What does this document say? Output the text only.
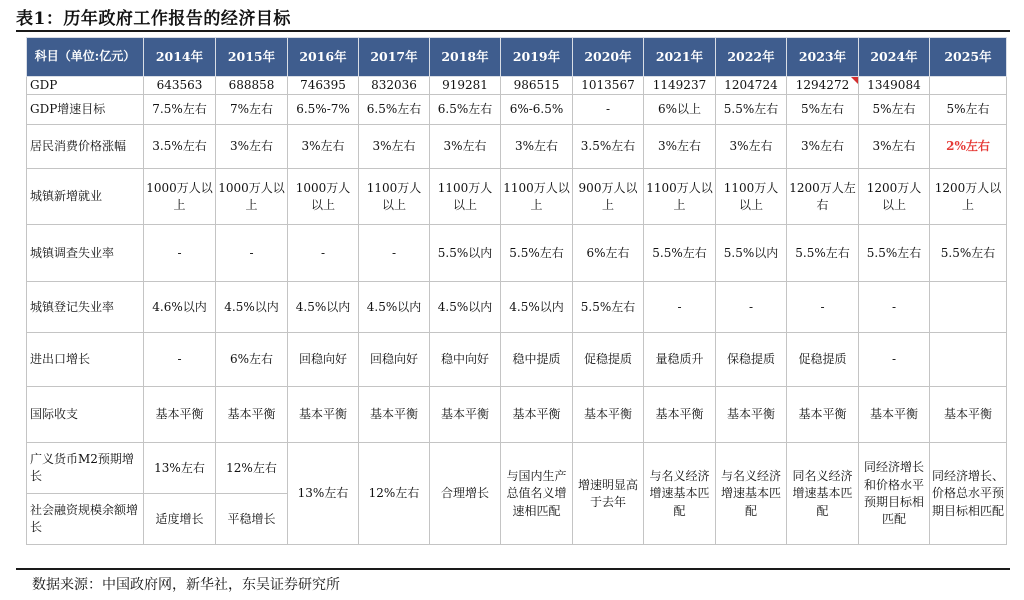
表1：历年政府工作报告的经济目标
科目（单位:亿元）	2014年	2015年	2016年	2017年	2018年	2019年	2020年	2021年	2022年	2023年	2024年	2025年
GDP	643563	688858	746395	832036	919281	986515	1013567	1149237	1204724	1294272	1349084	
GDP增速目标	7.5%左右	7%左右	6.5%-7%	6.5%左右	6.5%左右	6%-6.5%	-	6%以上	5.5%左右	5%左右	5%左右	5%左右
居民消费价格涨幅	3.5%左右	3%左右	3%左右	3%左右	3%左右	3%左右	3.5%左右	3%左右	3%左右	3%左右	3%左右	2%左右
城镇新增就业	1000万人以上	1000万人以上	1000万人以上	1100万人以上	1100万人以上	1100万人以上	900万人以上	1100万人以上	1100万人以上	1200万人左右	1200万人以上	1200万人以上
城镇调查失业率	-	-	-	-	5.5%以内	5.5%左右	6%左右	5.5%左右	5.5%以内	5.5%左右	5.5%左右	5.5%左右
城镇登记失业率	4.6%以内	4.5%以内	4.5%以内	4.5%以内	4.5%以内	4.5%以内	5.5%左右	-	-	-	-	
进出口增长	-	6%左右	回稳向好	回稳向好	稳中向好	稳中提质	促稳提质	量稳质升	保稳提质	促稳提质	-	
国际收支	基本平衡	基本平衡	基本平衡	基本平衡	基本平衡	基本平衡	基本平衡	基本平衡	基本平衡	基本平衡	基本平衡	基本平衡
广义货币M2预期增长	13%左右	12%左右	13%左右	12%左右	合理增长	与国内生产总值名义增速相匹配	增速明显高于去年	与名义经济增速基本匹配	与名义经济增速基本匹配	同名义经济增速基本匹配	同经济增长和价格水平预期目标相匹配	同经济增长、价格总水平预期目标相匹配
社会融资规模余额增长	适度增长	平稳增长										
数据来源：中国政府网，新华社，东吴证券研究所
